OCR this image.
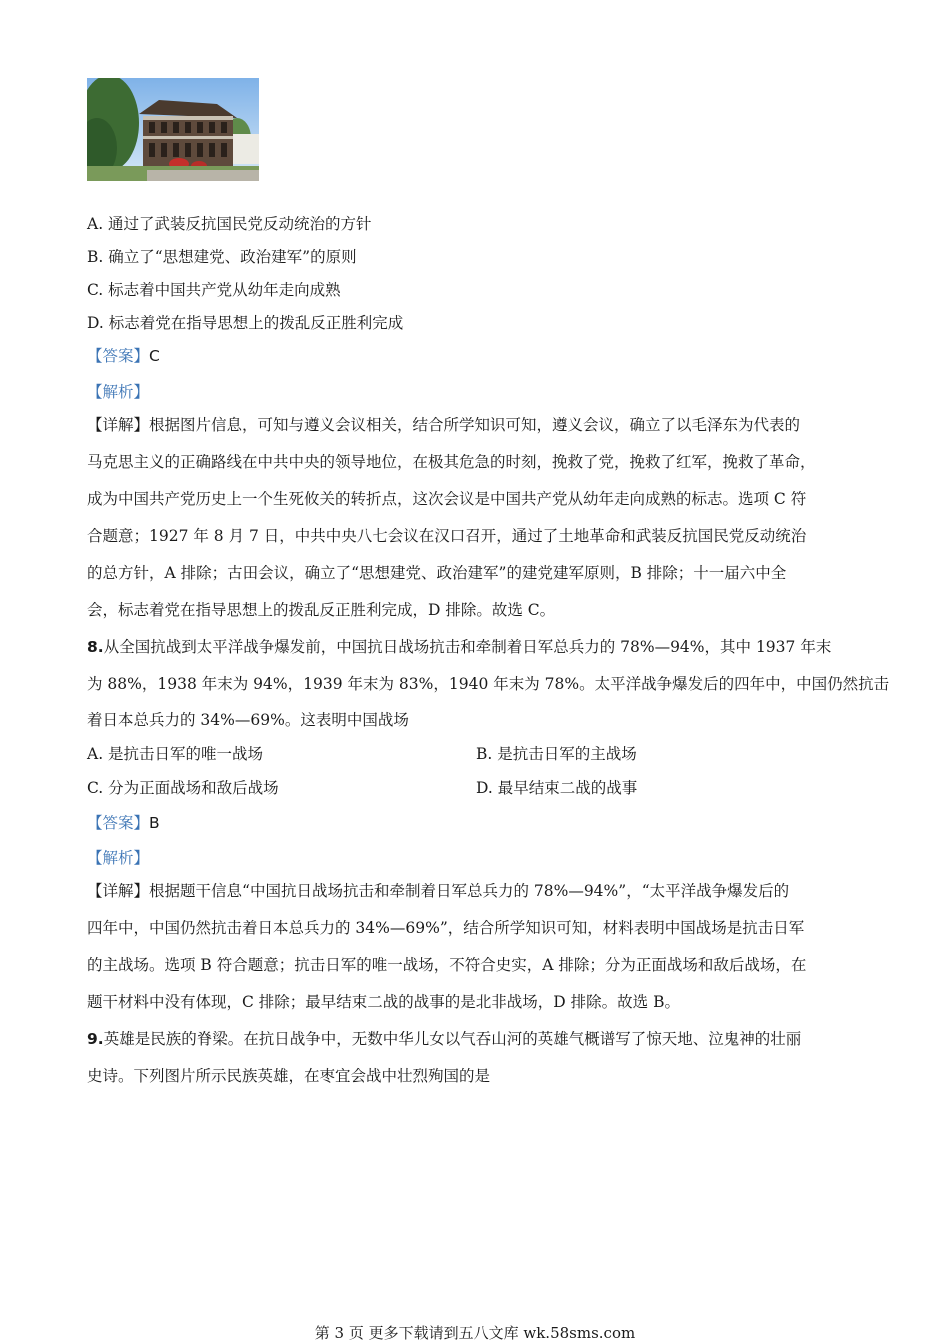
A. 通过了武装反抗国民党反动统治的方针
B. 确立了“思想建党、政治建军”的原则
C. 标志着中国共产党从幼年走向成熟
D. 标志着党在指导思想上的拨乱反正胜利完成
【答案】C
【解析】
【详解】根据图片信息，可知与遵义会议相关，结合所学知识可知，遵义会议，确立了以毛泽东为代表的
马克思主义的正确路线在中共中央的领导地位，在极其危急的时刻，挽救了党，挽救了红军，挽救了革命，
成为中国共产党历史上一个生死攸关的转折点，这次会议是中国共产党从幼年走向成熟的标志。选项 C 符
合题意；1927 年 8 月 7 日，中共中央八七会议在汉口召开，通过了土地革命和武装反抗国民党反动统治
的总方针，A 排除；古田会议，确立了“思想建党、政治建军”的建党建军原则，B 排除；十一届六中全
会，标志着党在指导思想上的拨乱反正胜利完成，D 排除。故选 C。
8.从全国抗战到太平洋战争爆发前，中国抗日战场抗击和牵制着日军总兵力的 78%—94%，其中 1937 年末
为 88%，1938 年末为 94%，1939 年末为 83%，1940 年末为 78%。太平洋战争爆发后的四年中，中国仍然抗击
着日本总兵力的 34%—69%。这表明中国战场
A. 是抗击日军的唯一战场	B. 是抗击日军的主战场
C. 分为正面战场和敌后战场	D. 最早结束二战的战事
【答案】B
【解析】
【详解】根据题干信息“中国抗日战场抗击和牵制着日军总兵力的 78%—94%”，“太平洋战争爆发后的
四年中，中国仍然抗击着日本总兵力的 34%—69%”，结合所学知识可知，材料表明中国战场是抗击日军
的主战场。选项 B 符合题意；抗击日军的唯一战场，不符合史实，A 排除；分为正面战场和敌后战场，在
题干材料中没有体现，C 排除；最早结束二战的战事的是北非战场，D 排除。故选 B。
9.英雄是民族的脊梁。在抗日战争中，无数中华儿女以气吞山河的英雄气概谱写了惊天地、泣鬼神的壮丽
史诗。下列图片所示民族英雄，在枣宜会战中壮烈殉国的是
第 3 页 更多下载请到五八文库 wk.58sms.com
